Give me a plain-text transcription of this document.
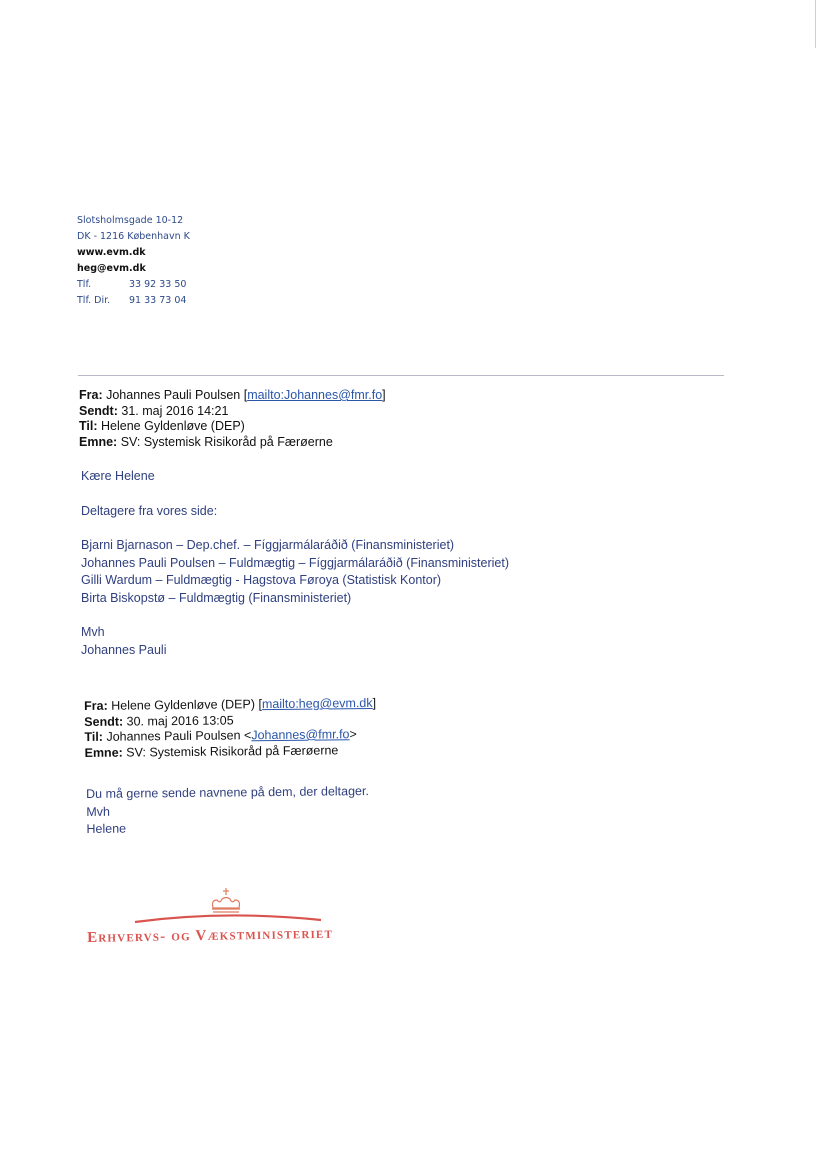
Slotsholmsgade 10-12
DK - 1216 København K
www.evm.dk
heg@evm.dk
Tlf.	33 92 33 50
Tlf. Dir.	91 33 73 04
Fra: Johannes Pauli Poulsen [mailto:Johannes@fmr.fo]
Sendt: 31. maj 2016 14:21
Til: Helene Gyldenløve (DEP)
Emne: SV: Systemisk Risikoråd på Færøerne
Kære Helene
Deltagere fra vores side:
Bjarni Bjarnason – Dep.chef. – Fíggjarmálaráðið (Finansministeriet)
Johannes Pauli Poulsen – Fuldmægtig – Fíggjarmálaráðið (Finansministeriet)
Gilli Wardum – Fuldmægtig - Hagstova Føroya (Statistisk Kontor)
Birta Biskopstø – Fuldmægtig (Finansministeriet)
Mvh
Johannes Pauli
Fra: Helene Gyldenløve (DEP) [mailto:heg@evm.dk]
Sendt: 30. maj 2016 13:05
Til: Johannes Pauli Poulsen <Johannes@fmr.fo>
Emne: SV: Systemisk Risikoråd på Færøerne
Du må gerne sende navnene på dem, der deltager.
Mvh
Helene
Erhvervs- og Vækstministeriet
